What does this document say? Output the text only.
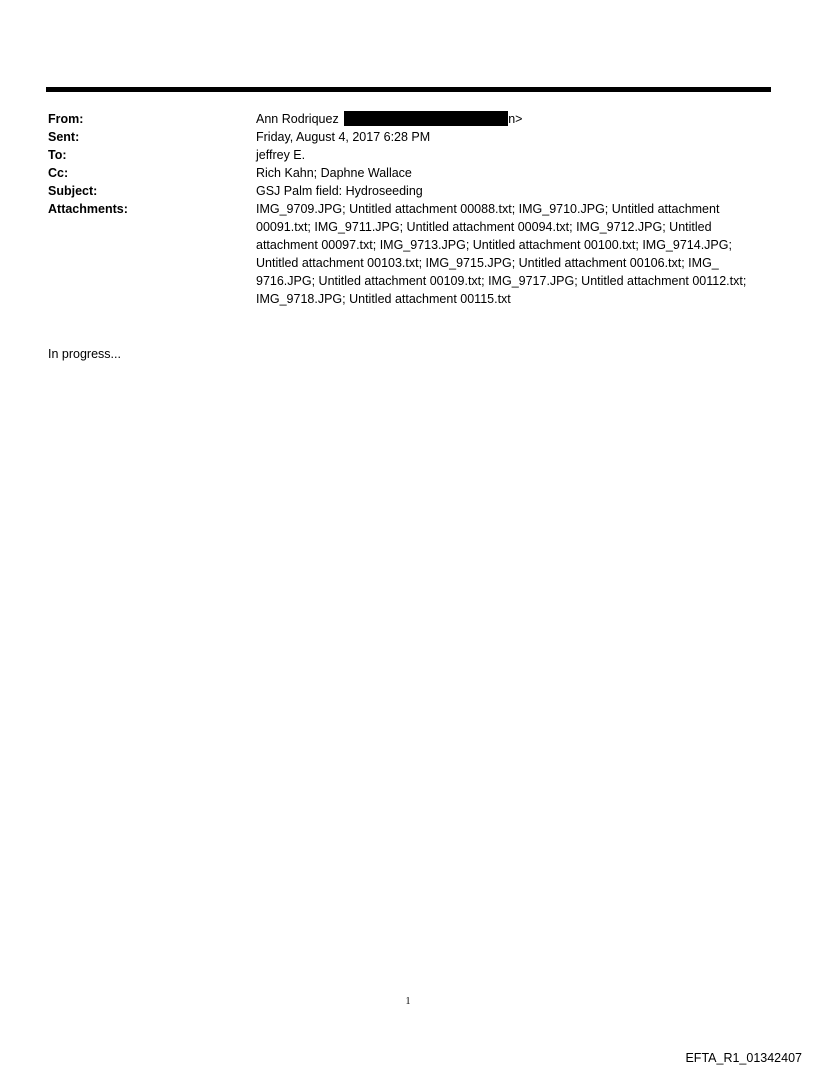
From:	Ann Rodriquez	n>
Sent:	Friday, August 4, 2017 6:28 PM
To:	jeffrey E.
Cc:	Rich Kahn; Daphne Wallace
Subject:	GSJ Palm field: Hydroseeding
Attachments:	IMG_9709.JPG; Untitled attachment 00088.txt; IMG_9710.JPG; Untitled attachment 00091.txt; IMG_9711.JPG; Untitled attachment 00094.txt; IMG_9712.JPG; Untitled attachment 00097.txt; IMG_9713.JPG; Untitled attachment 00100.txt; IMG_9714.JPG; Untitled attachment 00103.txt; IMG_9715.JPG; Untitled attachment 00106.txt; IMG_ 9716.JPG; Untitled attachment 00109.txt; IMG_9717.JPG; Untitled attachment 00112.txt; IMG_9718.JPG; Untitled attachment 00115.txt
In progress...
1
EFTA_R1_01342407
